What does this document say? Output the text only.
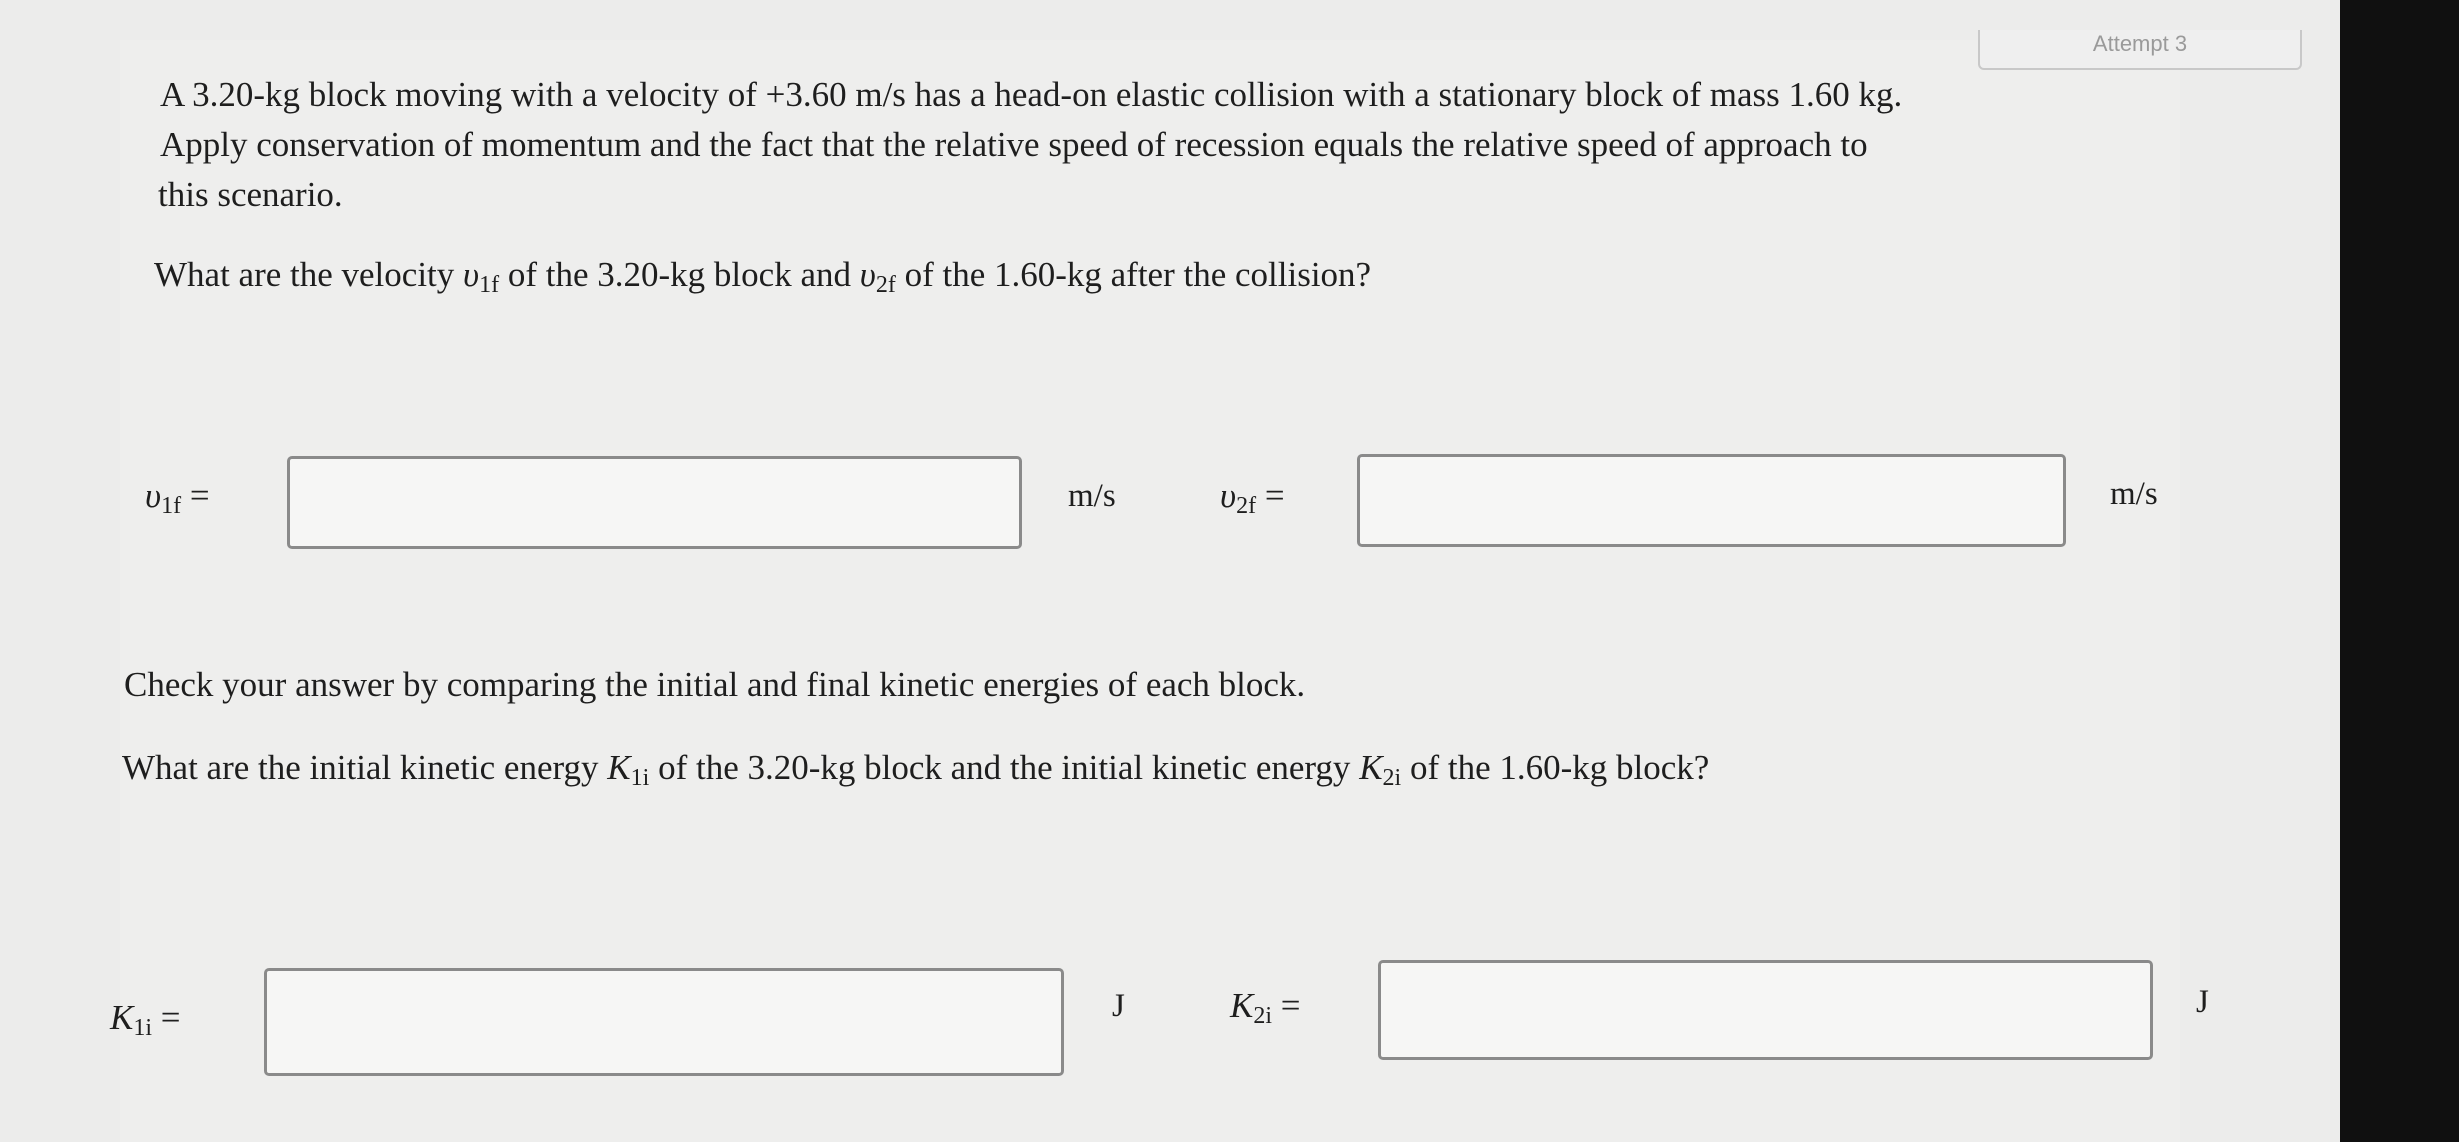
Attempt 3
A 3.20-kg block moving with a velocity of +3.60 m/s has a head-on elastic collision with a stationary block of mass 1.60 kg.
Apply conservation of momentum and the fact that the relative speed of recession equals the relative speed of approach to
this scenario.
What are the velocity $\upsilon_{1f}$ of the 3.20-kg block and $\upsilon_{2f}$ of the 1.60-kg after the collision?
$\upsilon_{1f}$ =	m/s	$\upsilon_{2f}$ =	m/s
Check your answer by comparing the initial and final kinetic energies of each block.
What are the initial kinetic energy $K_{1i}$ of the 3.20-kg block and the initial kinetic energy $K_{2i}$ of the 1.60-kg block?
$K_{1i}$ =	J	$K_{2i}$ =	J
